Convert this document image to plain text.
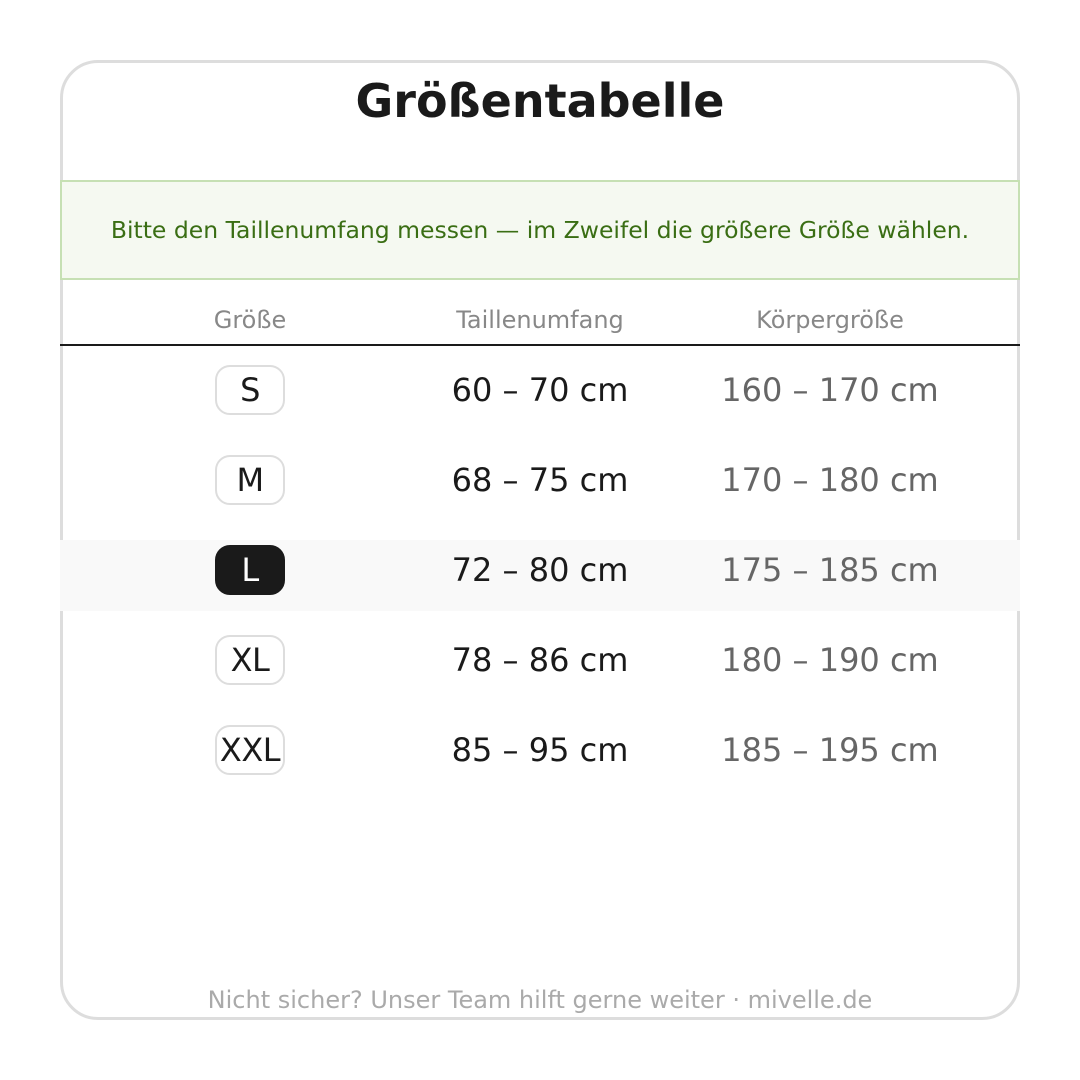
Größentabelle
Bitte den Taillenumfang messen — im Zweifel die größere Größe wählen.
Größe	Taillenumfang	Körpergröße
S	60 – 70 cm	160 – 170 cm
M	68 – 75 cm	170 – 180 cm
L	72 – 80 cm	175 – 185 cm
XL	78 – 86 cm	180 – 190 cm
XXL	85 – 95 cm	185 – 195 cm
Nicht sicher? Unser Team hilft gerne weiter · mivelle.de
